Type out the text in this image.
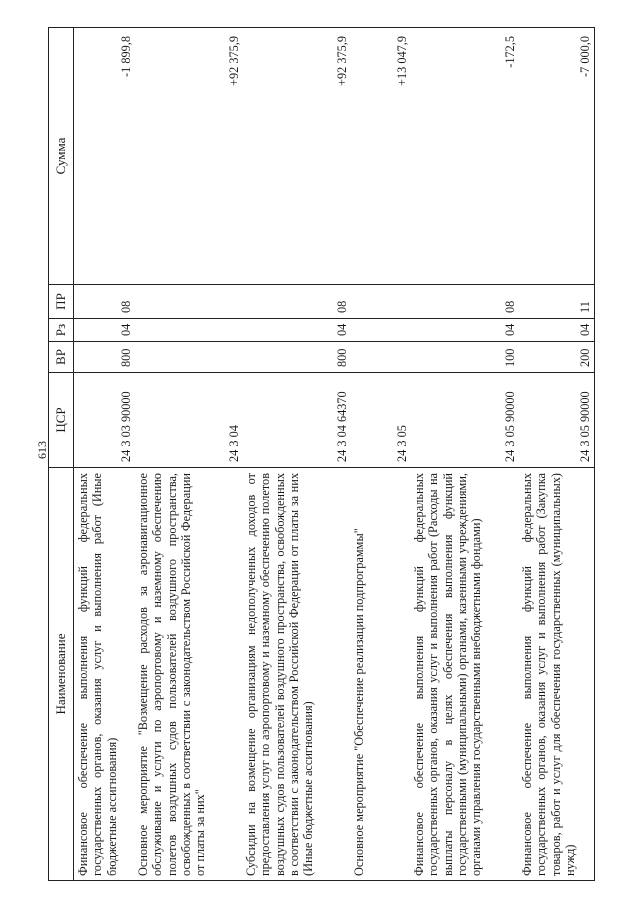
613
Наименование	ЦСР	ВР	Рз	ПР	Сумма
Финансовое обеспечение выполнения функций федеральных государственных органов, оказания услуг и выполнения работ (Иные бюджетные ассигнования)	24 3 03 90000	800	04	08	-1 899,8
Основное мероприятие "Возмещение расходов за аэронавигационное обслуживание и услуги по аэропортовому и наземному обеспечению полетов воздушных судов пользователей воздушного пространства, освобожденных в соответствии с законодательством Российской Федерации от платы за них"	24 3 04				+92 375,9
Субсидии на возмещение организациям недополученных доходов от предоставления услуг по аэропортовому и наземному обеспечению полетов воздушных судов пользователей воздушного пространства, освобожденных в соответствии с законодательством Российской Федерации от платы за них (Иные бюджетные ассигнования)	24 3 04 64370	800	04	08	+92 375,9
Основное мероприятие "Обеспечение реализации подпрограммы"	24 3 05				+13 047,9
Финансовое обеспечение выполнения функций федеральных государственных органов, оказания услуг и выполнения работ (Расходы на выплаты персоналу в целях обеспечения выполнения функций государственными (муниципальными) органами, казенными учреждениями, органами управления государственными внебюджетными фондами)	24 3 05 90000	100	04	08	-172,5
Финансовое обеспечение выполнения функций федеральных государственных органов, оказания услуг и выполнения работ (Закупка товаров, работ и услуг для обеспечения государственных (муниципальных) нужд)	24 3 05 90000	200	04	11	-7 000,0
